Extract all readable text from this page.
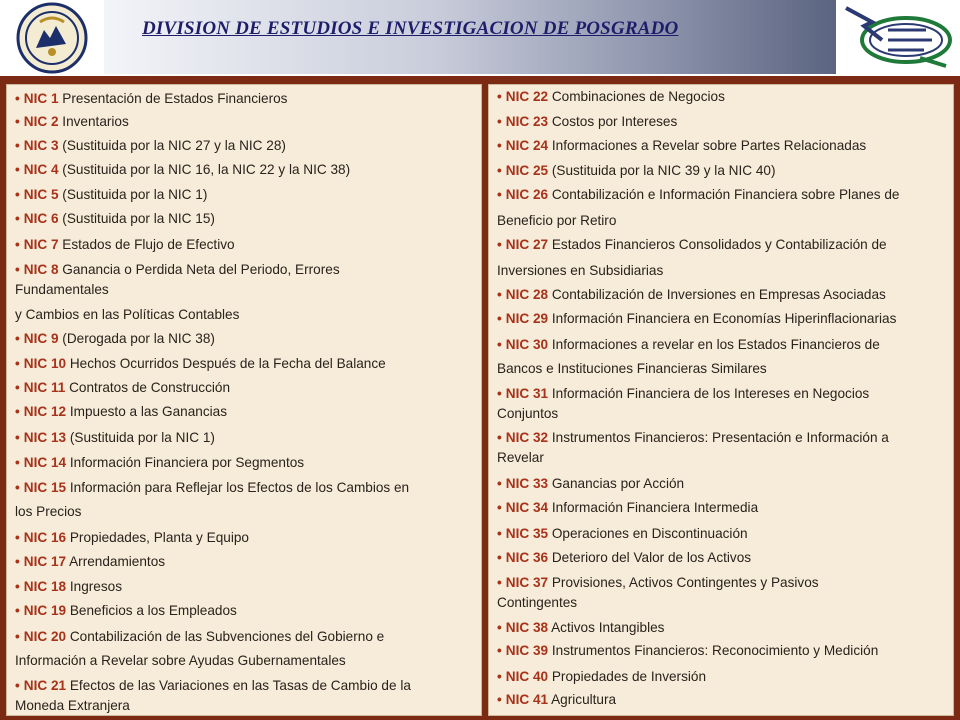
DIVISION DE ESTUDIOS E INVESTIGACION DE POSGRADO
• NIC 1 Presentación de Estados Financieros
• NIC 2 Inventarios
• NIC 3 (Sustituida por la NIC 27 y la NIC 28)
• NIC 4 (Sustituida por la NIC 16, la NIC 22 y la NIC 38)
• NIC 5 (Sustituida por la NIC 1)
• NIC 6 (Sustituida por la NIC 15)
• NIC 7 Estados de Flujo de Efectivo
• NIC 8 Ganancia o Perdida Neta del Periodo, Errores
Fundamentales
y Cambios en las Políticas Contables
• NIC 9 (Derogada por la NIC 38)
• NIC 10 Hechos Ocurridos Después de la Fecha del Balance
• NIC 11 Contratos de Construcción
• NIC 12 Impuesto a las Ganancias
• NIC 13 (Sustituida por la NIC 1)
• NIC 14 Información Financiera por Segmentos
• NIC 15 Información para Reflejar los Efectos de los Cambios en
los Precios
• NIC 16 Propiedades, Planta y Equipo
• NIC 17 Arrendamientos
• NIC 18 Ingresos
• NIC 19 Beneficios a los Empleados
• NIC 20 Contabilización de las Subvenciones del Gobierno e
Información a Revelar sobre Ayudas Gubernamentales
• NIC 21 Efectos de las Variaciones en las Tasas de Cambio de la
Moneda Extranjera
• NIC 22 Combinaciones de Negocios
• NIC 23 Costos por Intereses
• NIC 24 Informaciones a Revelar sobre Partes Relacionadas
• NIC 25 (Sustituida por la NIC 39 y la NIC 40)
• NIC 26 Contabilización e Información Financiera sobre Planes de
Beneficio por Retiro
• NIC 27 Estados Financieros Consolidados y Contabilización de
Inversiones en Subsidiarias
• NIC 28 Contabilización de Inversiones en Empresas Asociadas
• NIC 29 Información Financiera en Economías Hiperinflacionarias
• NIC 30 Informaciones a revelar en los Estados Financieros de
Bancos e Instituciones Financieras Similares
• NIC 31 Información Financiera de los Intereses en Negocios
Conjuntos
• NIC 32 Instrumentos Financieros: Presentación e Información a
Revelar
• NIC 33 Ganancias por Acción
• NIC 34 Información Financiera Intermedia
• NIC 35 Operaciones en Discontinuación
• NIC 36 Deterioro del Valor de los Activos
• NIC 37 Provisiones, Activos Contingentes y Pasivos
Contingentes
• NIC 38 Activos Intangibles
• NIC 39 Instrumentos Financieros: Reconocimiento y Medición
• NIC 40 Propiedades de Inversión
• NIC 41 Agricultura
